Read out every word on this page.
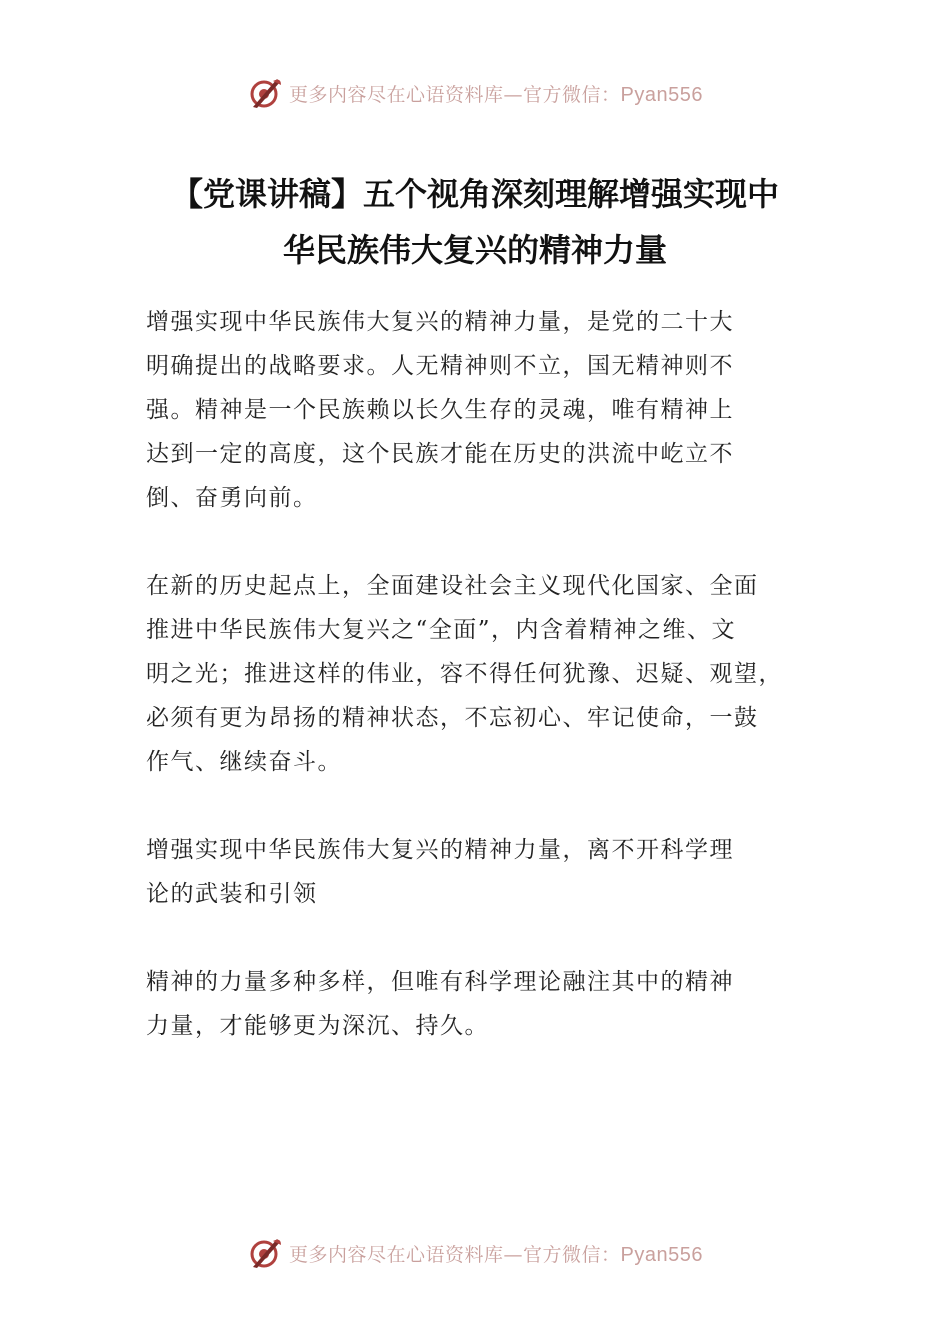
更多内容尽在心语资料库—官方微信：Pyan556
【党课讲稿】五个视角深刻理解增强实现中
华民族伟大复兴的精神力量

增强实现中华民族伟大复兴的精神力量，是党的二十大
明确提出的战略要求。人无精神则不立，国无精神则不
强。精神是一个民族赖以长久生存的灵魂，唯有精神上
达到一定的高度，这个民族才能在历史的洪流中屹立不
倒、奋勇向前。

在新的历史起点上，全面建设社会主义现代化国家、全面
推进中华民族伟大复兴之“全面”，内含着精神之维、文
明之光；推进这样的伟业，容不得任何犹豫、迟疑、观望，
必须有更为昂扬的精神状态，不忘初心、牢记使命，一鼓
作气、继续奋斗。

增强实现中华民族伟大复兴的精神力量，离不开科学理
论的武装和引领

精神的力量多种多样，但唯有科学理论融注其中的精神
力量，才能够更为深沉、持久。

更多内容尽在心语资料库—官方微信：Pyan556
